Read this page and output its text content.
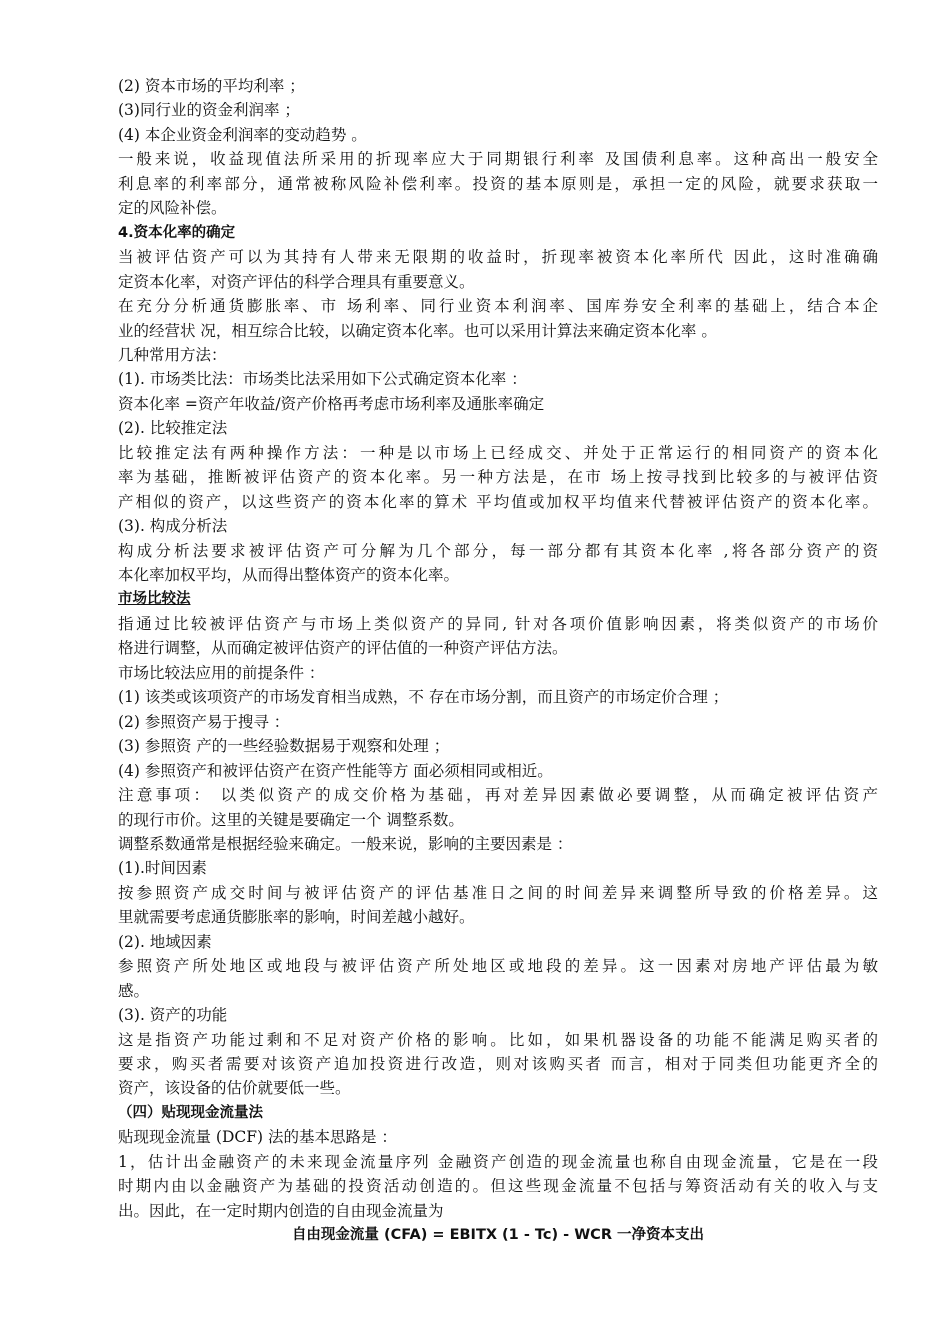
(2) 资本市场的平均利率 ；
(3)同行业的资金利润率 ；
(4) 本企业资金利润率的变动趋势 。
一般来说，收益现值法所采用的折现率应大于同期银行利率 及国债利息率。这种高出一般安全
利息率的利率部分，通常被称风险补偿利率。投资的基本原则是，承担一定的风险，就要求获取一
定的风险补偿。
4.资本化率的确定
当被评估资产可以为其持有人带来无限期的收益时，折现率被资本化率所代 因此，这时准确确
定资本化率，对资产评估的科学合理具有重要意义。
在充分分析通货膨胀率、市 场利率、同行业资本利润率、国库券安全利率的基础上，结合本企
业的经营状 况，相互综合比较，以确定资本化率。也可以采用计算法来确定资本化率 。
几种常用方法：
(1). 市场类比法：市场类比法采用如下公式确定资本化率 ：
资本化率 =资产年收益/资产价格再考虑市场利率及通胀率确定
(2). 比较推定法
比较推定法有两种操作方法：一种是以市场上已经成交、并处于正常运行的相同资产的资本化
率为基础，推断被评估资产的资本化率。另一种方法是，在市 场上按寻找到比较多的与被评估资
产相似的资产，以这些资产的资本化率的算术 平均值或加权平均值来代替被评估资产的资本化率。
(3). 构成分析法
构成分析法要求被评估资产可分解为几个部分，每一部分都有其资本化率 ,将各部分资产的资
本化率加权平均，从而得出整体资产的资本化率。
市场比较法
指通过比较被评估资产与市场上类似资产的异同, 针对各项价值影响因素，将类似资产的市场价
格进行调整，从而确定被评估资产的评估值的一种资产评估方法。
市场比较法应用的前提条件 ：
(1) 该类或该项资产的市场发育相当成熟，不 存在市场分割，而且资产的市场定价合理 ；
(2) 参照资产易于搜寻 ：
(3) 参照资 产的一些经验数据易于观察和处理 ；
(4) 参照资产和被评估资产在资产性能等方 面必须相同或相近。
注意事项： 以类似资产的成交价格为基础，再对差异因素做必要调整，从而确定被评估资产
的现行市价。这里的关键是要确定一个 调整系数。
调整系数通常是根据经验来确定。一般来说，影响的主要因素是 ：
(1).时间因素
按参照资产成交时间与被评估资产的评估基准日之间的时间差异来调整所导致的价格差异。这
里就需要考虑通货膨胀率的影响，时间差越小越好。
(2). 地域因素
参照资产所处地区或地段与被评估资产所处地区或地段的差异。这一因素对房地产评估最为敏
感。
(3). 资产的功能
这是指资产功能过剩和不足对资产价格的影响。比如，如果机器设备的功能不能满足购买者的
要求，购买者需要对该资产追加投资进行改造，则对该购买者 而言，相对于同类但功能更齐全的
资产，该设备的估价就要低一些。
（四）贴现现金流量法
贴现现金流量 (DCF) 法的基本思路是 ：
1，估计出金融资产的未来现金流量序列 金融资产创造的现金流量也称自由现金流量，它是在一段
时期内由以金融资产为基础的投资活动创造的。但这些现金流量不包括与筹资活动有关的收入与支
出。因此，在一定时期内创造的自由现金流量为
自由现金流量 (CFA) = EBITX (1 - Tc) - WCR 一净资本支出
